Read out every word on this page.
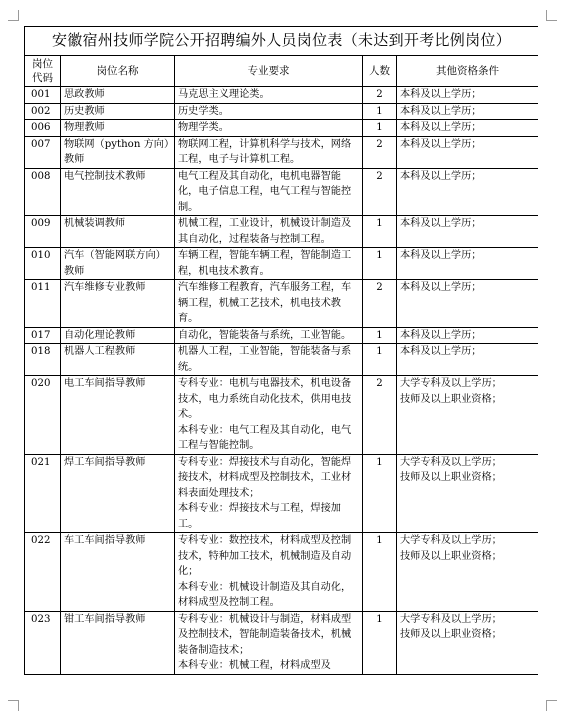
安徽宿州技师学院公开招聘编外人员岗位表（未达到开考比例岗位）				
岗位
代码	岗位名称	专业要求	人数	其他资格条件
001	思政教师	马克思主义理论类。	2	本科及以上学历；
002	历史教师	历史学类。	1	本科及以上学历；
006	物理教师	物理学类。	1	本科及以上学历；
007	物联网（python 方向）教师	物联网工程，计算机科学与技术，网络工程，电子与计算机工程。	2	本科及以上学历；
008	电气控制技术教师	电气工程及其自动化，电机电器智能化，电子信息工程，电气工程与智能控制。	2	本科及以上学历；
009	机械装调教师	机械工程，工业设计，机械设计制造及其自动化，过程装备与控制工程。	1	本科及以上学历；
010	汽车（智能网联方向）教师	车辆工程，智能车辆工程，智能制造工程，机电技术教育。	1	本科及以上学历；
011	汽车维修专业教师	汽车维修工程教育，汽车服务工程，车辆工程，机械工艺技术，机电技术教育。	2	本科及以上学历；
017	自动化理论教师	自动化，智能装备与系统，工业智能。	1	本科及以上学历；
018	机器人工程教师	机器人工程，工业智能，智能装备与系统。	1	本科及以上学历；
020	电工车间指导教师	专科专业：电机与电器技术，机电设备技术，电力系统自动化技术，供用电技术。
本科专业：电气工程及其自动化，电气工程与智能控制。	2	大学专科及以上学历；
技师及以上职业资格；
021	焊工车间指导教师	专科专业：焊接技术与自动化，智能焊接技术，材料成型及控制技术，工业材料表面处理技术；
本科专业：焊接技术与工程，焊接加工。	1	大学专科及以上学历；
技师及以上职业资格；
022	车工车间指导教师	专科专业：数控技术，材料成型及控制技术，特种加工技术，机械制造及自动化；
本科专业：机械设计制造及其自动化，材料成型及控制工程。	1	大学专科及以上学历；
技师及以上职业资格；
023	钳工车间指导教师	专科专业：机械设计与制造，材料成型及控制技术，智能制造装备技术，机械装备制造技术；
本科专业：机械工程，材料成型及	1	大学专科及以上学历；
技师及以上职业资格；
